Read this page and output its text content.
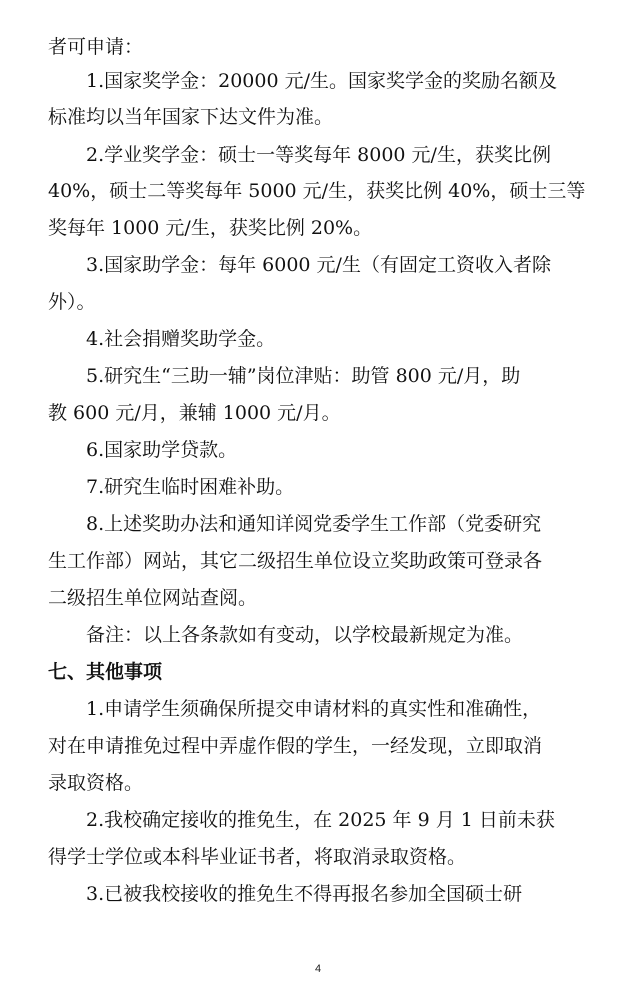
者可申请：
1.国家奖学金：20000 元/生。国家奖学金的奖励名额及
标准均以当年国家下达文件为准。
2.学业奖学金：硕士一等奖每年 8000 元/生，获奖比例
40%，硕士二等奖每年 5000 元/生，获奖比例 40%，硕士三等
奖每年 1000 元/生，获奖比例 20%。
3.国家助学金：每年 6000 元/生（有固定工资收入者除
外）。
4.社会捐赠奖助学金。
5.研究生“三助一辅”岗位津贴：助管 800 元/月，助
教 600 元/月，兼辅 1000 元/月。
6.国家助学贷款。
7.研究生临时困难补助。
8.上述奖助办法和通知详阅党委学生工作部（党委研究
生工作部）网站，其它二级招生单位设立奖助政策可登录各
二级招生单位网站查阅。
备注：以上各条款如有变动，以学校最新规定为准。
七、其他事项
1.申请学生须确保所提交申请材料的真实性和准确性，
对在申请推免过程中弄虚作假的学生，一经发现，立即取消
录取资格。
2.我校确定接收的推免生，在 2025 年 9 月 1 日前未获
得学士学位或本科毕业证书者，将取消录取资格。
3.已被我校接收的推免生不得再报名参加全国硕士研
4
